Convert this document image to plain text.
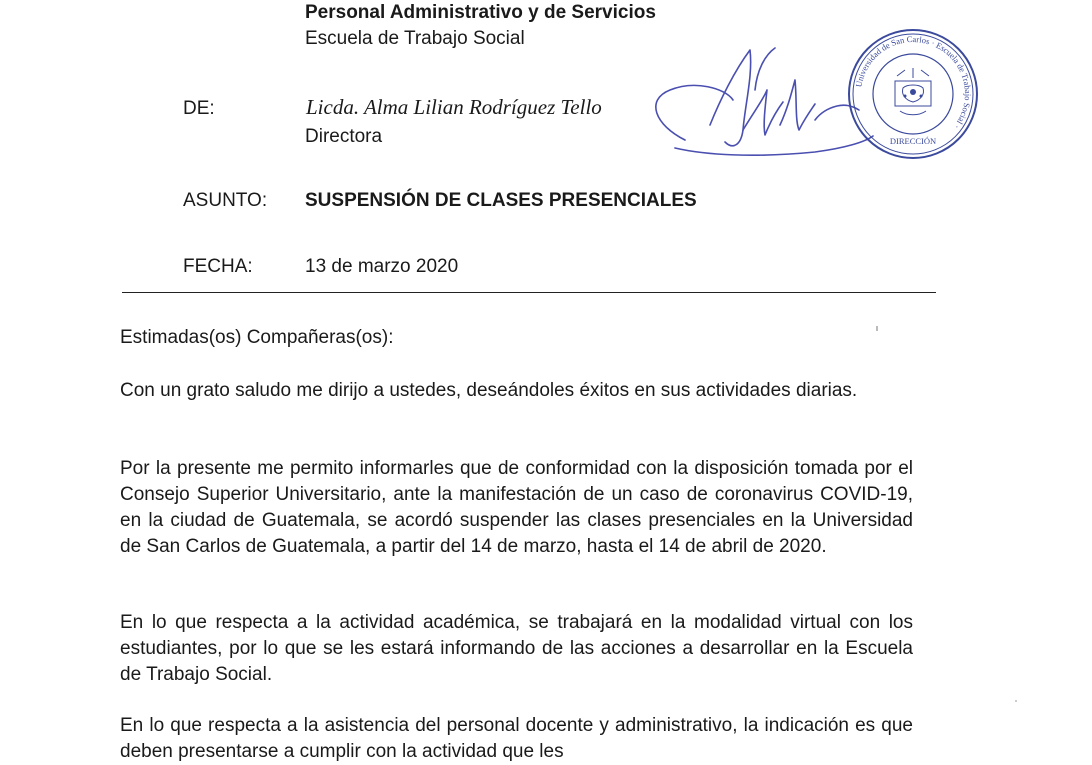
Personal Administrativo y de Servicios
Escuela de Trabajo Social
DE:	Licda. Alma Lilian Rodríguez Tello
Directora
ASUNTO: SUSPENSIÓN DE CLASES PRESENCIALES
FECHA:	13 de marzo 2020
Estimadas(os) Compañeras(os):
Con un grato saludo me dirijo a ustedes, deseándoles éxitos en sus actividades diarias.
Por la presente me permito informarles que de conformidad con la disposición tomada por el Consejo Superior Universitario, ante la manifestación de un caso de coronavirus COVID-19, en la ciudad de Guatemala, se acordó suspender las clases presenciales en la Universidad de San Carlos de Guatemala, a partir del 14 de marzo, hasta el 14 de abril de 2020.
En lo que respecta a la actividad académica, se trabajará en la modalidad virtual con los estudiantes, por lo que se les estará informando de las acciones a desarrollar en la Escuela de Trabajo Social.
En lo que respecta a la asistencia del personal docente y administrativo, la indicación es que deben presentarse a cumplir con la actividad que les
Universidad de San Carlos · Escuela de Trabajo Social ·
DIRECCIÓN
